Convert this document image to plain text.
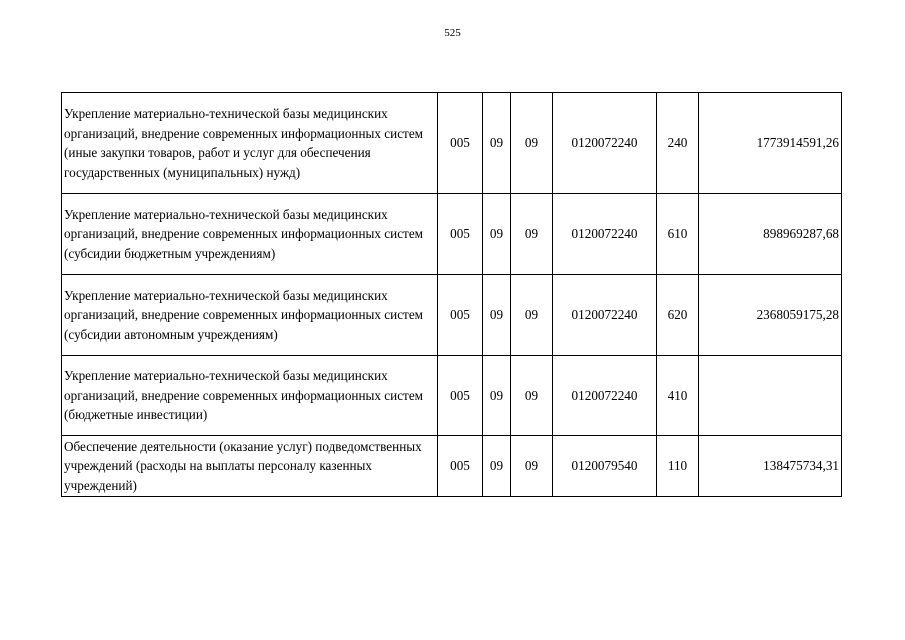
525
Укрепление материально-технической базы медицинских организаций, внедрение современных информационных систем (иные закупки товаров, работ и услуг для обеспечения государственных (муниципальных) нужд)	005	09	09	0120072240	240	1773914591,26
Укрепление материально-технической базы медицинских организаций, внедрение современных информационных систем (субсидии бюджетным учреждениям)	005	09	09	0120072240	610	898969287,68
Укрепление материально-технической базы медицинских организаций, внедрение современных информационных систем (субсидии автономным учреждениям)	005	09	09	0120072240	620	2368059175,28
Укрепление материально-технической базы медицинских организаций, внедрение современных информационных систем (бюджетные инвестиции)	005	09	09	0120072240	410	
Обеспечение деятельности (оказание услуг) подведомственных учреждений (расходы на выплаты персоналу казенных учреждений)	005	09	09	0120079540	110	138475734,31
